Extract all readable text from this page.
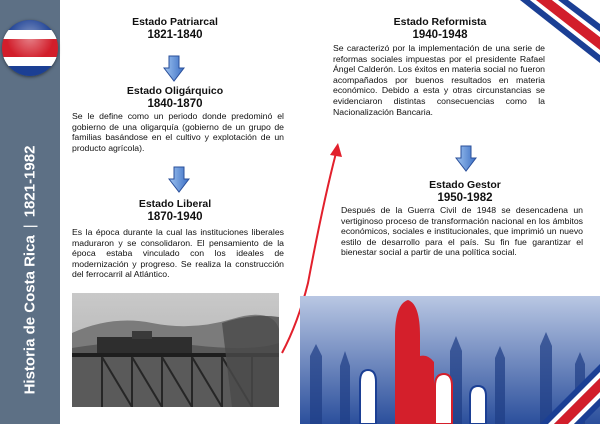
Historia de Costa Rica|1821-1982
Estado Patriarcal
1821-1840
Estado Oligárquico
1840-1870
Se le define como un periodo donde predominó el gobierno de una oligarquía (gobierno de un grupo de familias basándose en el cultivo y explotación de un producto agrícola).
Estado Liberal
1870-1940
Es la época durante la cual las instituciones liberales maduraron y se consolidaron. El pensamiento de la época estaba vinculado con los ideales de modernización y progreso. Se realiza la construcción del ferrocarril al Atlántico.
Estado Reformista
1940-1948
Se caracterizó por la implementación de una serie de reformas sociales impuestas por el presidente Rafael Ángel Calderón. Los éxitos en materia social no fueron acompañados por buenos resultados en materia económico. Debido a esta y otras circunstancias se evidenciaron distintas consecuencias como la Nacionalización Bancaria.
Estado Gestor
1950-1982
Después de la Guerra Civil de 1948 se desencadena un vertiginoso proceso de transformación nacional en los ámbitos económicos, sociales e institucionales, que imprimió un nuevo estilo de desarrollo para el país. Su fin fue garantizar el bienestar social a partir de una política social.
